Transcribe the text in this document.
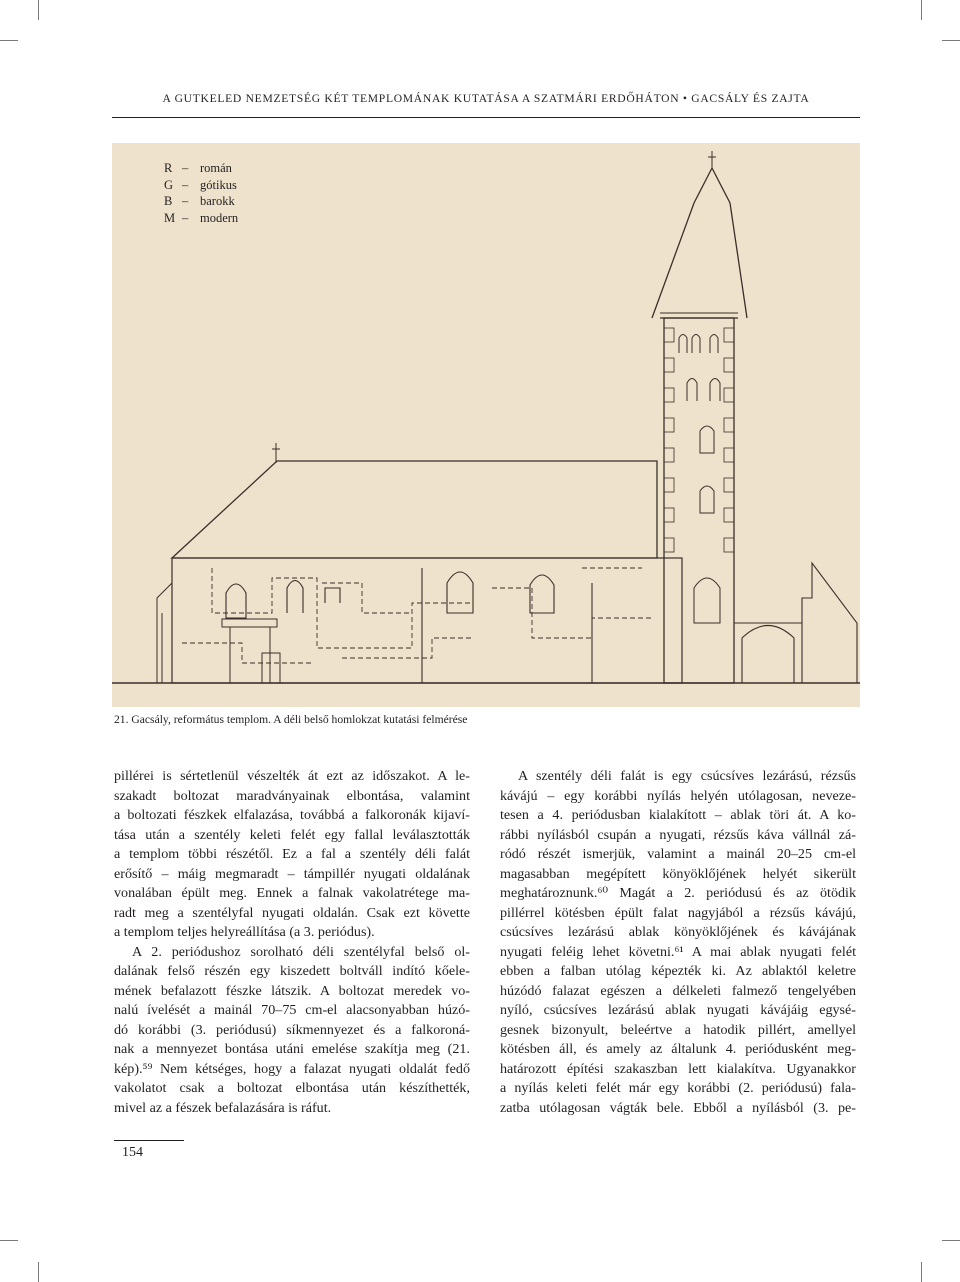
A GUTKELED NEMZETSÉG KÉT TEMPLOMÁNAK KUTATÁSA A SZATMÁRI ERDŐHÁTON • GACSÁLY ÉS ZAJTA
R – román
G – gótikus
B – barokk
M – modern
21. Gacsály, református templom. A déli belső homlokzat kutatási felmérése
pillérei is sértetlenül vészelték át ezt az időszakot. A le-
szakadt boltozat maradványainak elbontása, valamint
a boltozati fészkek elfalazása, továbbá a falkoronák kijaví-
tása után a szentély keleti felét egy fallal leválasztották
a templom többi részétől. Ez a fal a szentély déli falát
erősítő – máig megmaradt – támpillér nyugati oldalának
vonalában épült meg. Ennek a falnak vakolatrétege ma-
radt meg a szentélyfal nyugati oldalán. Csak ezt követte
a templom teljes helyreállítása (a 3. periódus).
A 2. periódushoz sorolható déli szentélyfal belső ol-
dalának felső részén egy kiszedett boltváll indító kőele-
mének befalazott fészke látszik. A boltozat meredek vo-
nalú ívelését a mainál 70–75 cm-el alacsonyabban húzó-
dó korábbi (3. periódusú) síkmennyezet és a falkoroná-
nak a mennyezet bontása utáni emelése szakítja meg (21.
kép).⁵⁹ Nem kétséges, hogy a falazat nyugati oldalát fedő
vakolatot csak a boltozat elbontása után készíthették,
mivel az a fészek befalazására is ráfut.
A szentély déli falát is egy csúcsíves lezárású, rézsűs
kávájú – egy korábbi nyílás helyén utólagosan, neveze-
tesen a 4. periódusban kialakított – ablak töri át. A ko-
rábbi nyílásból csupán a nyugati, rézsűs káva vállnál zá-
ródó részét ismerjük, valamint a mainál 20–25 cm-el
magasabban megépített könyöklőjének helyét sikerült
meghatároznunk.⁶⁰ Magát a 2. periódusú és az ötödik
pillérrel kötésben épült falat nagyjából a rézsűs kávájú,
csúcsíves lezárású ablak könyöklőjének és kávájának
nyugati feléig lehet követni.⁶¹ A mai ablak nyugati felét
ebben a falban utólag képezték ki. Az ablaktól keletre
húzódó falazat egészen a délkeleti falmező tengelyében
nyíló, csúcsíves lezárású ablak nyugati kávájáig egysé-
gesnek bizonyult, beleértve a hatodik pillért, amellyel
kötésben áll, és amely az általunk 4. periódusként meg-
határozott építési szakaszban lett kialakítva. Ugyanakkor
a nyílás keleti felét már egy korábbi (2. periódusú) fala-
zatba utólagosan vágták bele. Ebből a nyílásból (3. pe-
154
